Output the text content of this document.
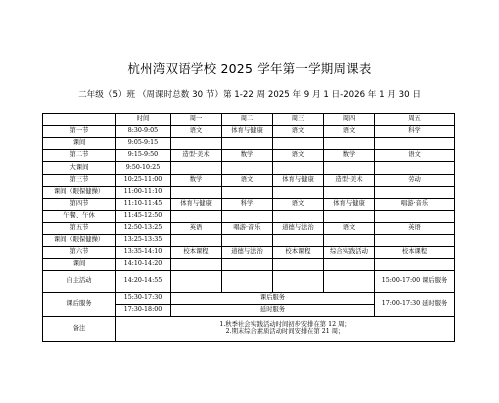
杭州湾双语学校 2025 学年第一学期周课表
二年级（5）班 （周课时总数 30 节）第 1-22 周 2025 年 9 月 1 日-2026 年 1 月 30 日
	时间	周一	周二	周三	周四	周五
第一节	8:30-9:05	语文	体育与健康	语文	语文	科学
课间	9:05-9:15					
第二节	9:15-9:50	造型·美术	数学	语文	数学	语文
大课间	9:50-10:25					
第三节	10:25-11:00	数学	语文	体育与健康	造型·美术	劳动
课间（眼保健操）	11:00-11:10					
第四节	11:10-11:45	体育与健康	科学	语文	体育与健康	唱游·音乐
午餐、午休	11:45-12:50					
第五节	12:50-13:25	英语	唱游·音乐	道德与法治	语文	英语
课间（眼保健操）	13:25-13:35					
第六节	13:35-14:10	校本课程	道德与法治	校本课程	综合实践活动	校本课程
课间	14:10-14:20					
自主活动	14:20-14:55					15:00-17:00 课后服务
课后服务	15:30-17:30	课后服务				17:00-17:30 延时服务
	17:30-18:00	延时服务				
备注	1.秋季社会实践活动时间初步安排在第 12 周；
2.期末综合素质活动时间安排在第 21 周；					
